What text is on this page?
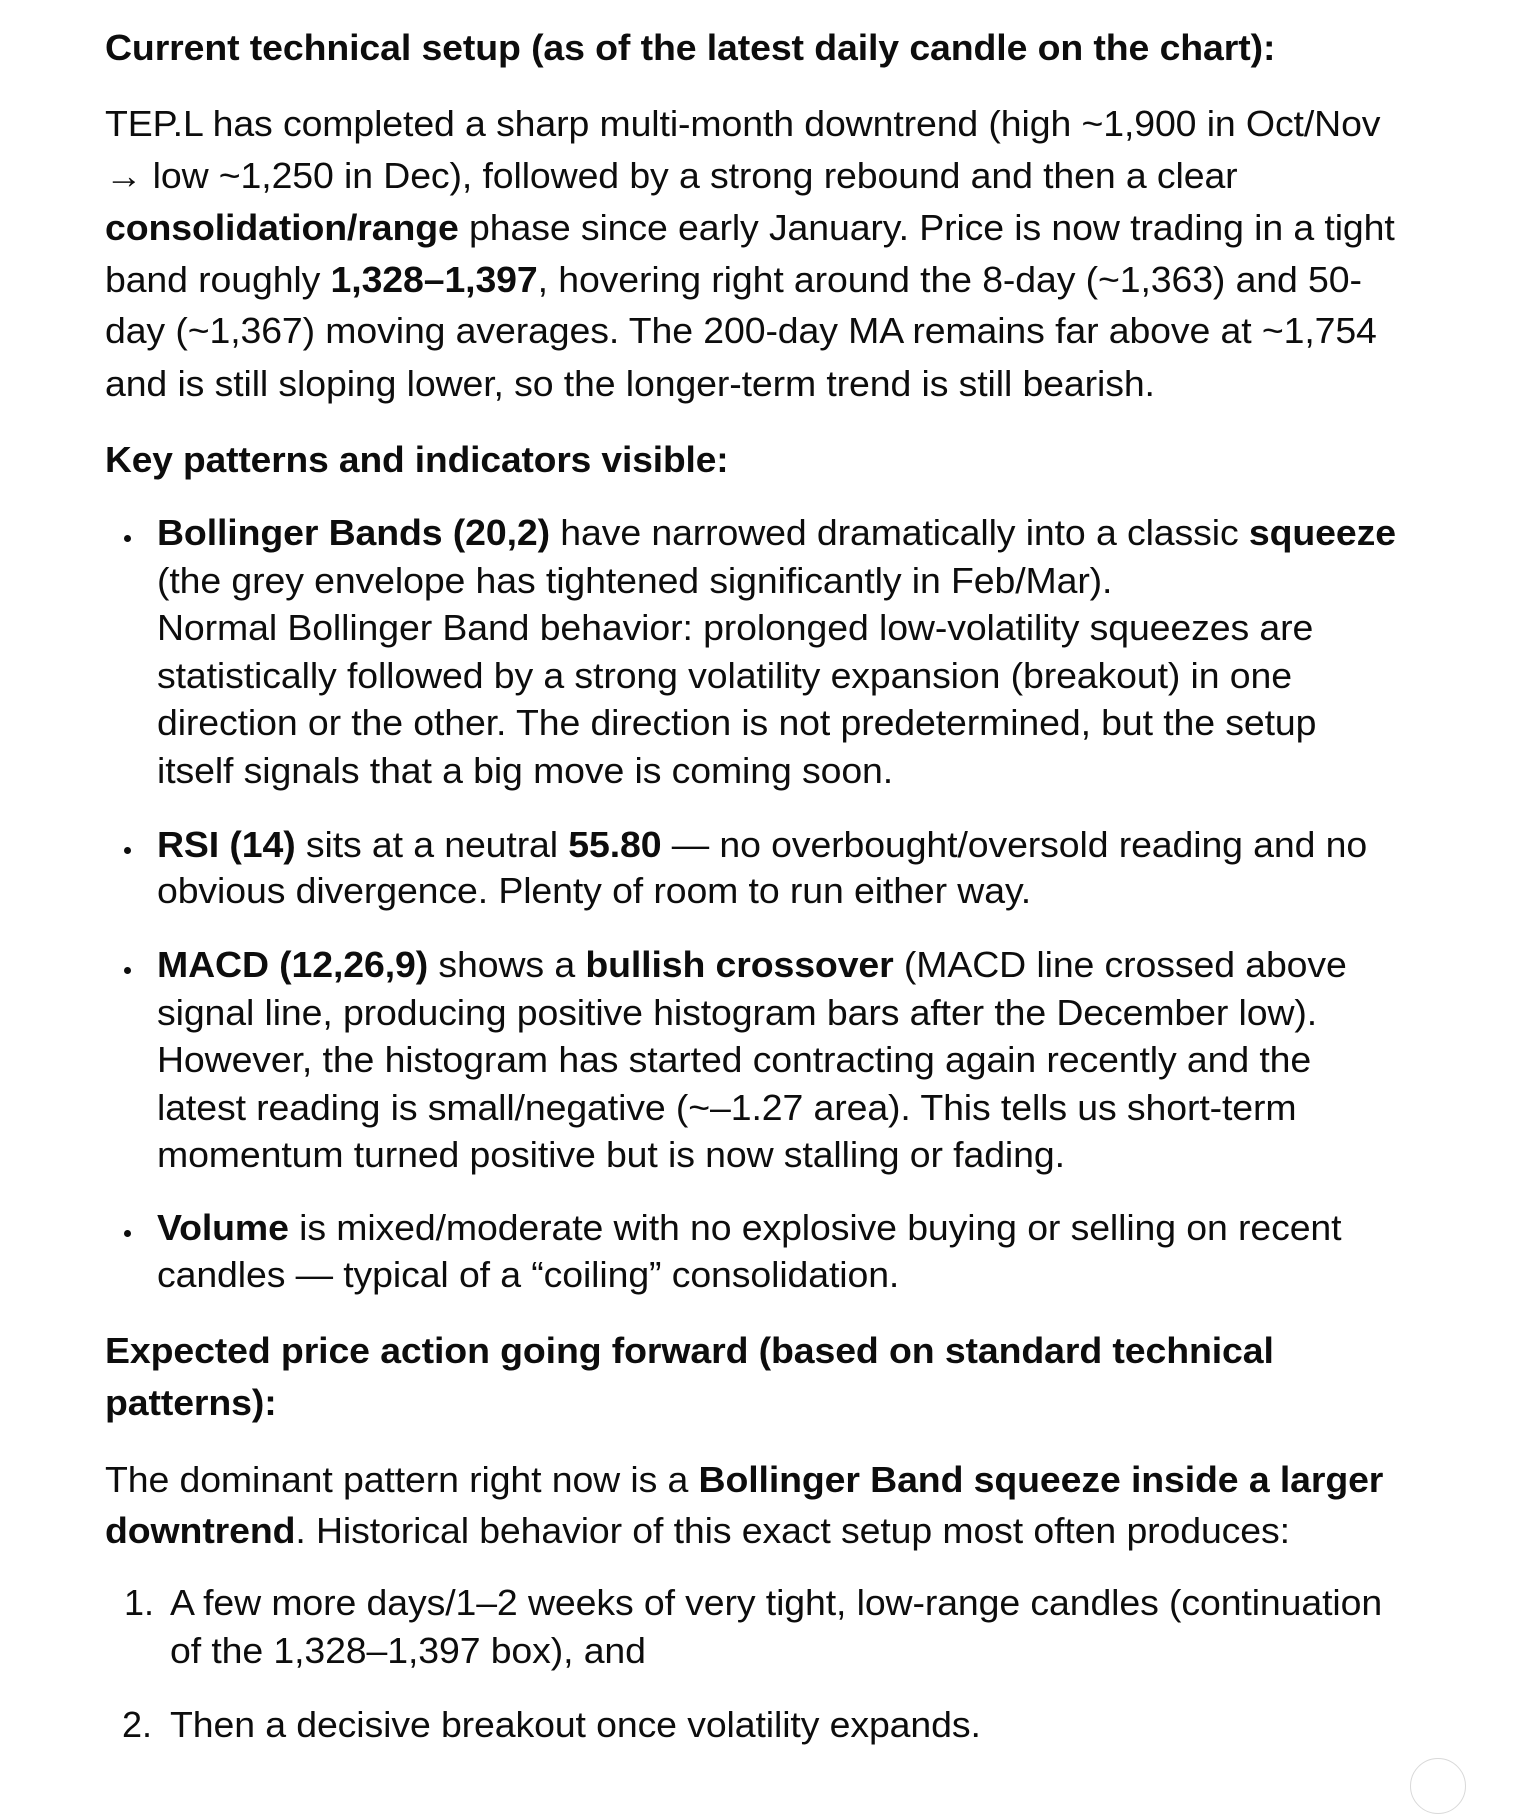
Current technical setup (as of the latest daily candle on the chart):
TEP.L has completed a sharp multi-month downtrend (high ~1,900 in Oct/Nov
→ low ~1,250 in Dec), followed by a strong rebound and then a clear
consolidation/range phase since early January. Price is now trading in a tight
band roughly 1,328–1,397, hovering right around the 8-day (~1,363) and 50-
day (~1,367) moving averages. The 200-day MA remains far above at ~1,754
and is still sloping lower, so the longer-term trend is still bearish.
Key patterns and indicators visible:
Bollinger Bands (20,2) have narrowed dramatically into a classic squeeze
(the grey envelope has tightened significantly in Feb/Mar).
Normal Bollinger Band behavior: prolonged low-volatility squeezes are
statistically followed by a strong volatility expansion (breakout) in one
direction or the other. The direction is not predetermined, but the setup
itself signals that a big move is coming soon.
RSI (14) sits at a neutral 55.80 — no overbought/oversold reading and no
obvious divergence. Plenty of room to run either way.
MACD (12,26,9) shows a bullish crossover (MACD line crossed above
signal line, producing positive histogram bars after the December low).
However, the histogram has started contracting again recently and the
latest reading is small/negative (~–1.27 area). This tells us short-term
momentum turned positive but is now stalling or fading.
Volume is mixed/moderate with no explosive buying or selling on recent
candles — typical of a “coiling” consolidation.
Expected price action going forward (based on standard technical
patterns):
The dominant pattern right now is a Bollinger Band squeeze inside a larger
downtrend. Historical behavior of this exact setup most often produces:
1. A few more days/1–2 weeks of very tight, low-range candles (continuation
of the 1,328–1,397 box), and
2. Then a decisive breakout once volatility expands.
